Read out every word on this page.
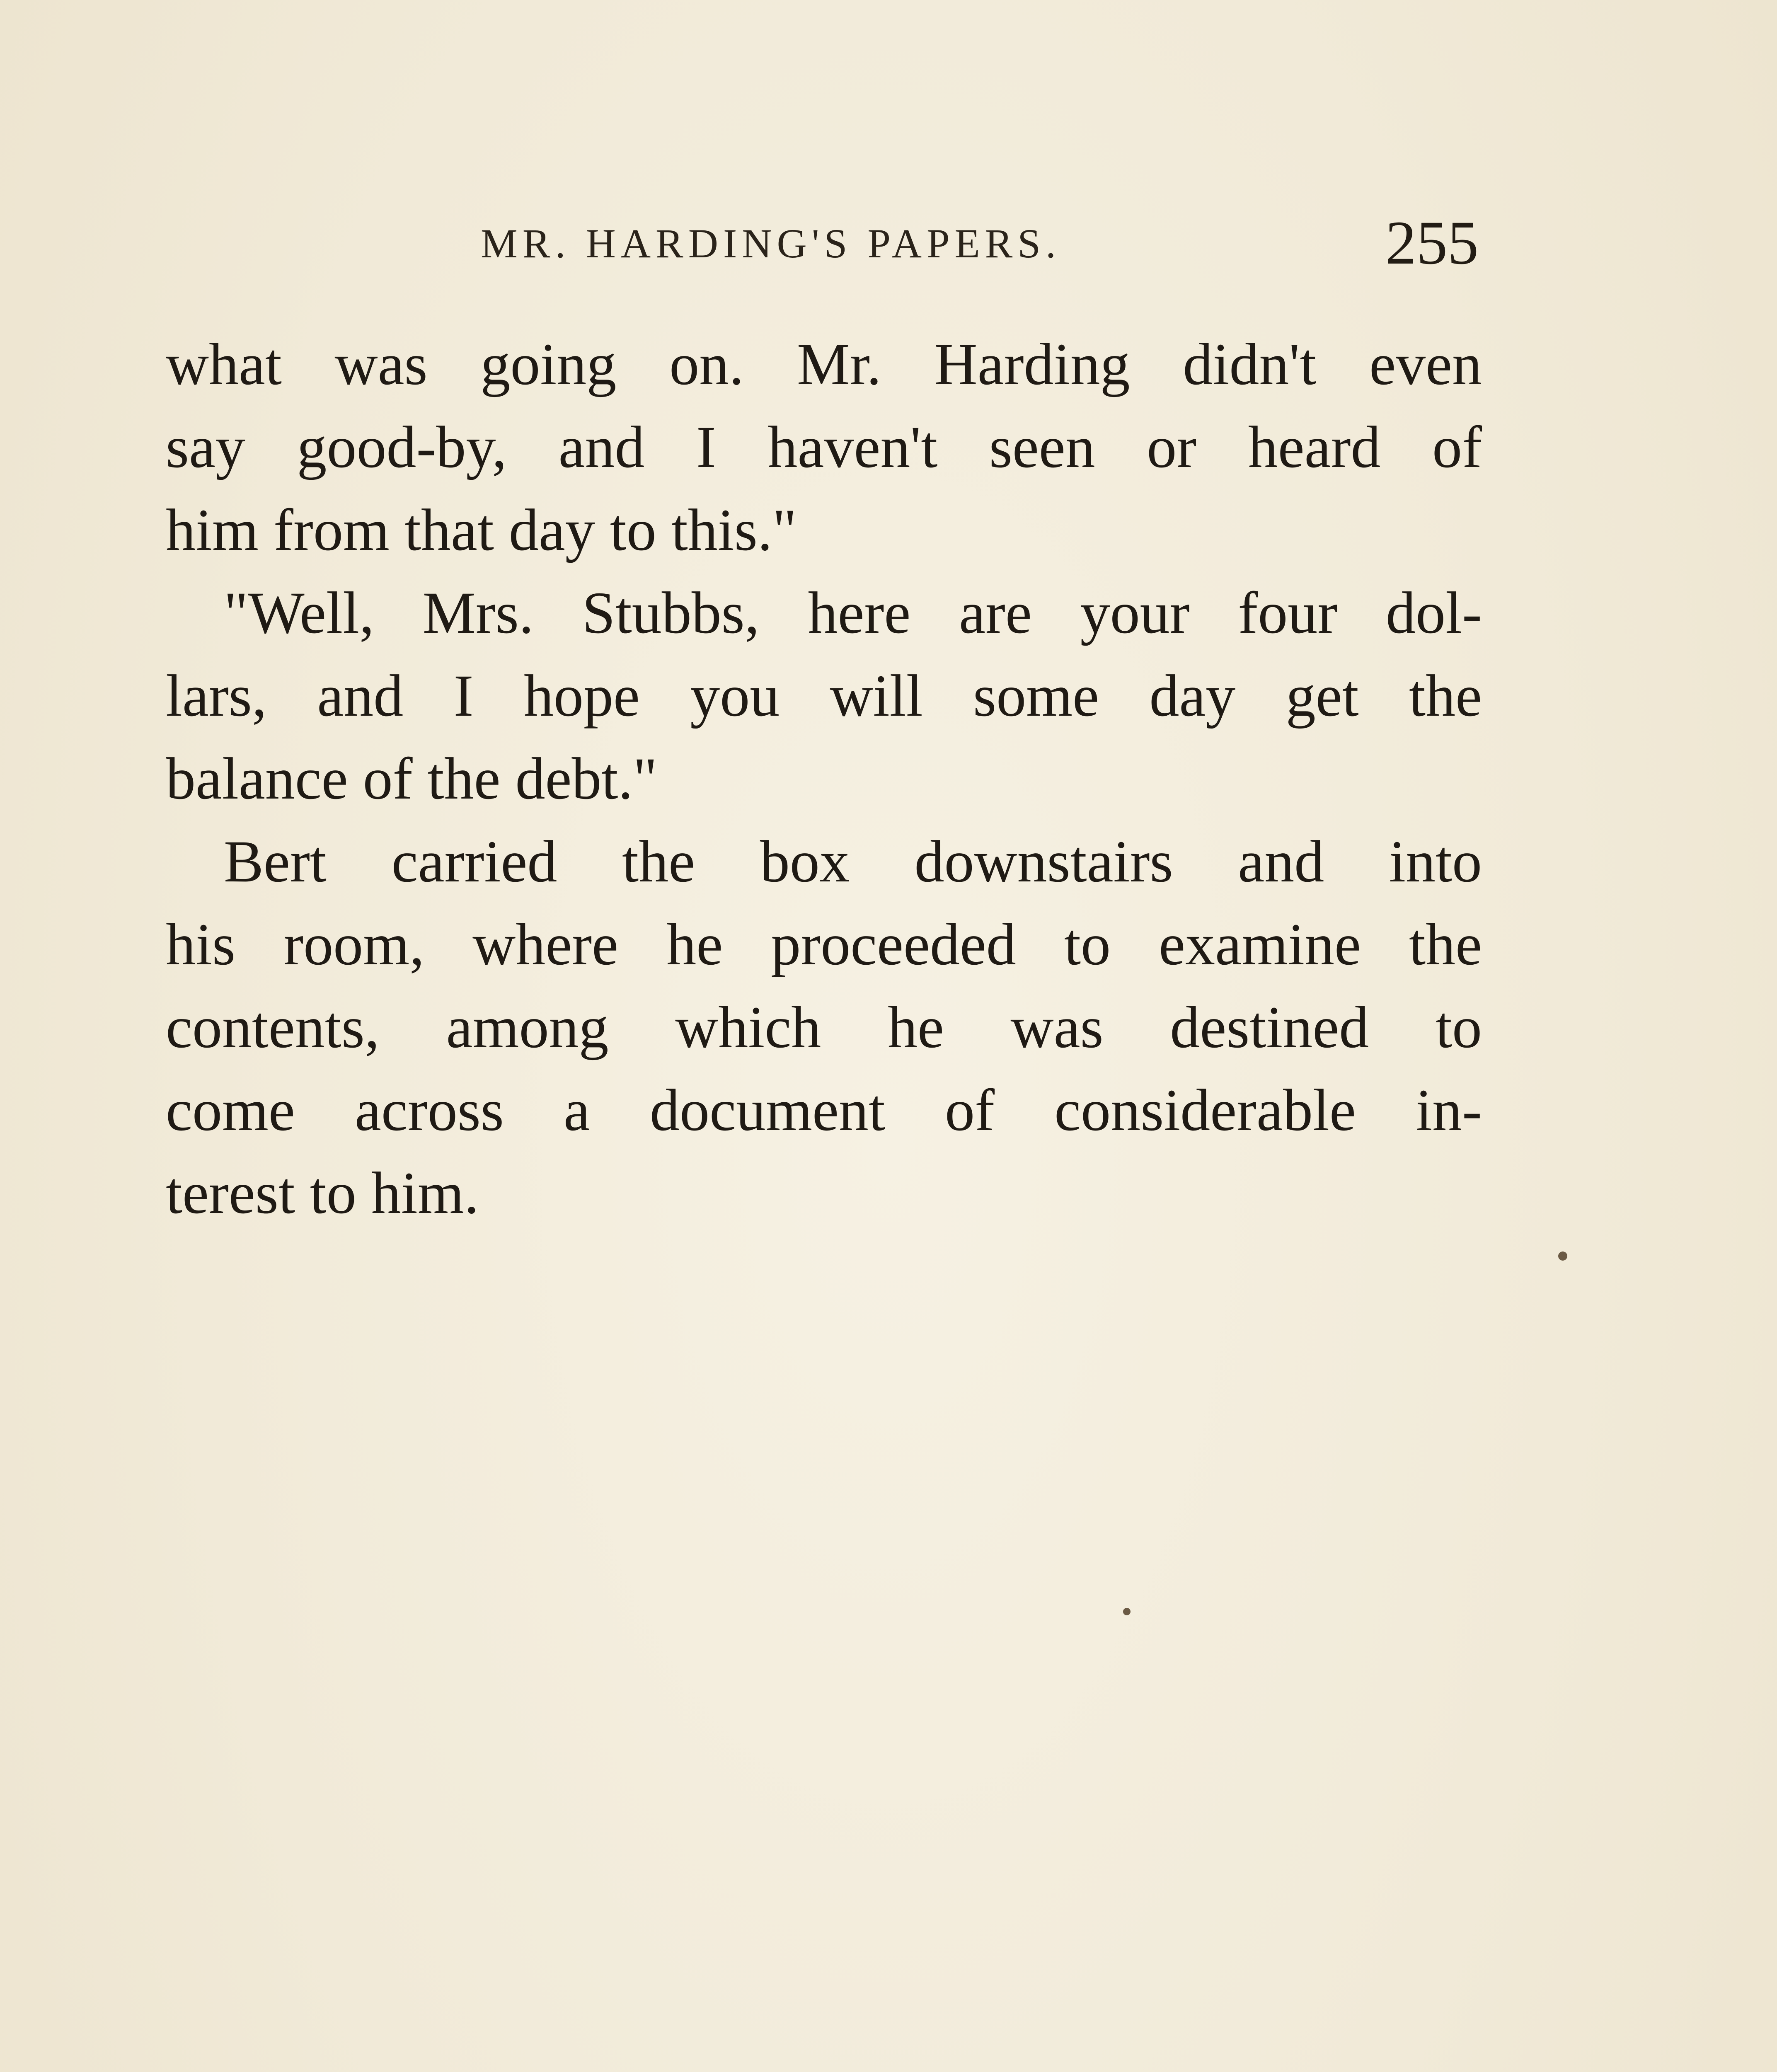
MR. HARDING'S PAPERS.	255
what was going on. Mr. Harding didn't even
say good-by, and I haven't seen or heard of
him from that day to this."
"Well, Mrs. Stubbs, here are your four dol-
lars, and I hope you will some day get the
balance of the debt."
Bert carried the box downstairs and into
his room, where he proceeded to examine the
contents, among which he was destined to
come across a document of considerable in-
terest to him.
